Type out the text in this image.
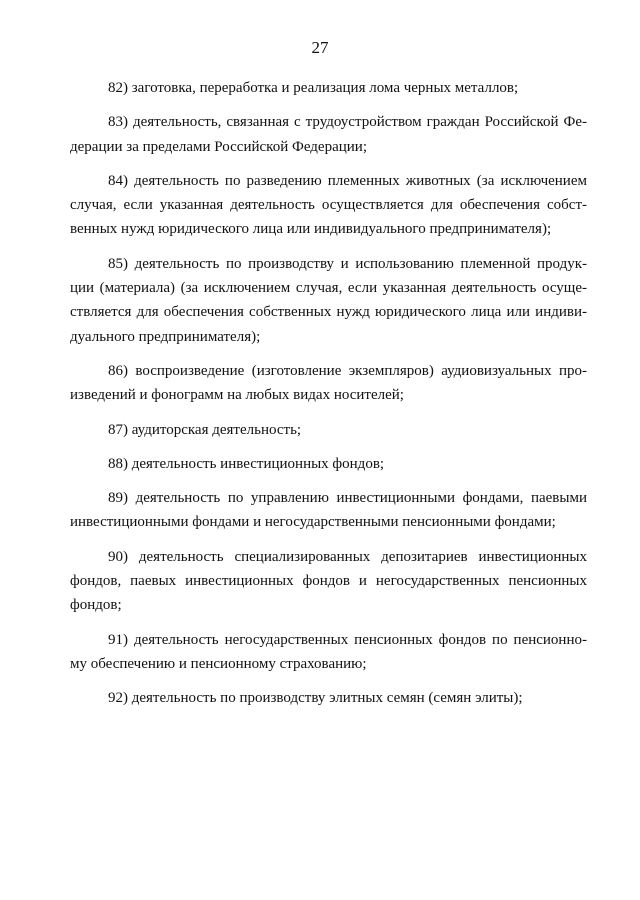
27

82) заготовка, переработка и реализация лома черных металлов;

83) деятельность, связанная с трудоустройством граждан Российской Фе-
дерации за пределами Российской Федерации;

84) деятельность по разведению племенных животных (за исключением
случая, если указанная деятельность осуществляется для обеспечения собст-
венных нужд юридического лица или индивидуального предпринимателя);

85) деятельность по производству и использованию племенной продук-
ции (материала) (за исключением случая, если указанная деятельность осуще-
ствляется для обеспечения собственных нужд юридического лица или индиви-
дуального предпринимателя);

86) воспроизведение (изготовление экземпляров) аудиовизуальных про-
изведений и фонограмм на любых видах носителей;

87) аудиторская деятельность;

88) деятельность инвестиционных фондов;

89) деятельность по управлению инвестиционными фондами, паевыми
инвестиционными фондами и негосударственными пенсионными фондами;

90) деятельность специализированных депозитариев инвестиционных
фондов, паевых инвестиционных фондов и негосударственных пенсионных
фондов;

91) деятельность негосударственных пенсионных фондов по пенсионно-
му обеспечению и пенсионному страхованию;

92) деятельность по производству элитных семян (семян элиты);
